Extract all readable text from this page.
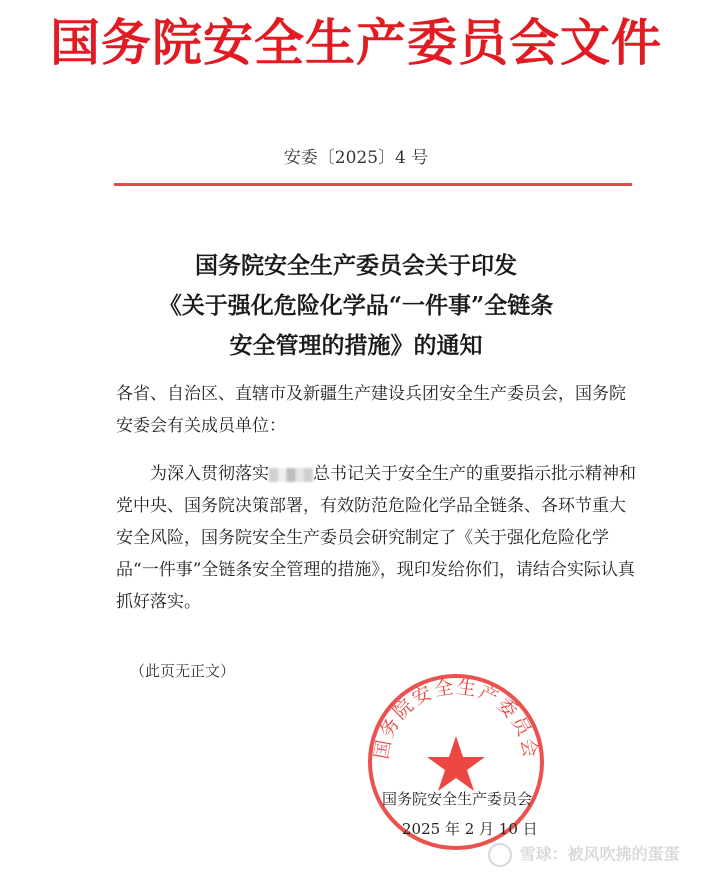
国务院安全生产委员会文件
安委〔2025〕4 号
国务院安全生产委员会关于印发
《关于强化危险化学品“一件事”全链条
安全管理的措施》的通知
各省、自治区、直辖市及新疆生产建设兵团安全生产委员会，国务院安委会有关成员单位：
为深入贯彻落实	总书记关于安全生产的重要指示批示精神和党中央、国务院决策部署，有效防范危险化学品全链条、各环节重大安全风险，国务院安全生产委员会研究制定了《关于强化危险化学品“一件事”全链条安全管理的措施》，现印发给你们，请结合实际认真抓好落实。
（此页无正文）
国务院安全生产委员会
国务院安全生产委员会
2025 年 2 月 10 日
雪球：被风吹拂的蛋蛋
